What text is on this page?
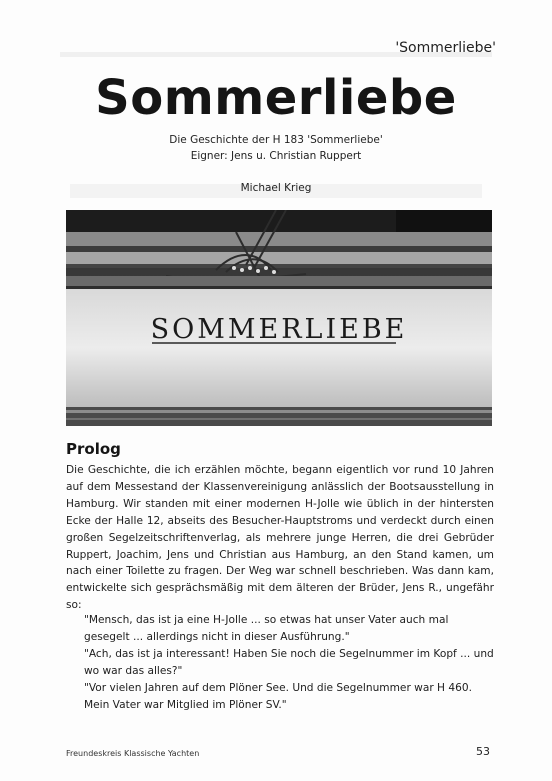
'Sommerliebe'
Sommerliebe
Die Geschichte der H 183 'Sommerliebe'
Eigner: Jens u. Christian Ruppert
Michael Krieg
SOMMERLIEBE
Prolog

Die Geschichte, die ich erzählen möchte, begann eigentlich vor rund 10 Jahren auf dem Messestand der Klassenvereinigung anlässlich der Bootsausstellung in Hamburg. Wir standen mit einer modernen H-Jolle wie üblich in der hintersten Ecke der Halle 12, abseits des Besucher-Hauptstroms und verdeckt durch einen großen Segelzeitschriftenverlag, als mehrere junge Herren, die drei Gebrüder Ruppert, Joachim, Jens und Christian aus Hamburg, an den Stand kamen, um nach einer Toilette zu fragen. Der Weg war schnell beschrieben. Was dann kam, entwickelte sich gesprächsmäßig mit dem älteren der Brüder, Jens R., ungefähr so:

"Mensch, das ist ja eine H-Jolle ... so etwas hat unser Vater auch mal gesegelt ... allerdings nicht in dieser Ausführung."

"Ach, das ist ja interessant! Haben Sie noch die Segelnummer im Kopf ... und wo war das alles?"

"Vor vielen Jahren auf dem Plöner See. Und die Segelnummer war H 460. Mein Vater war Mitglied im Plöner SV."

Freundeskreis Klassische Yachten	53
